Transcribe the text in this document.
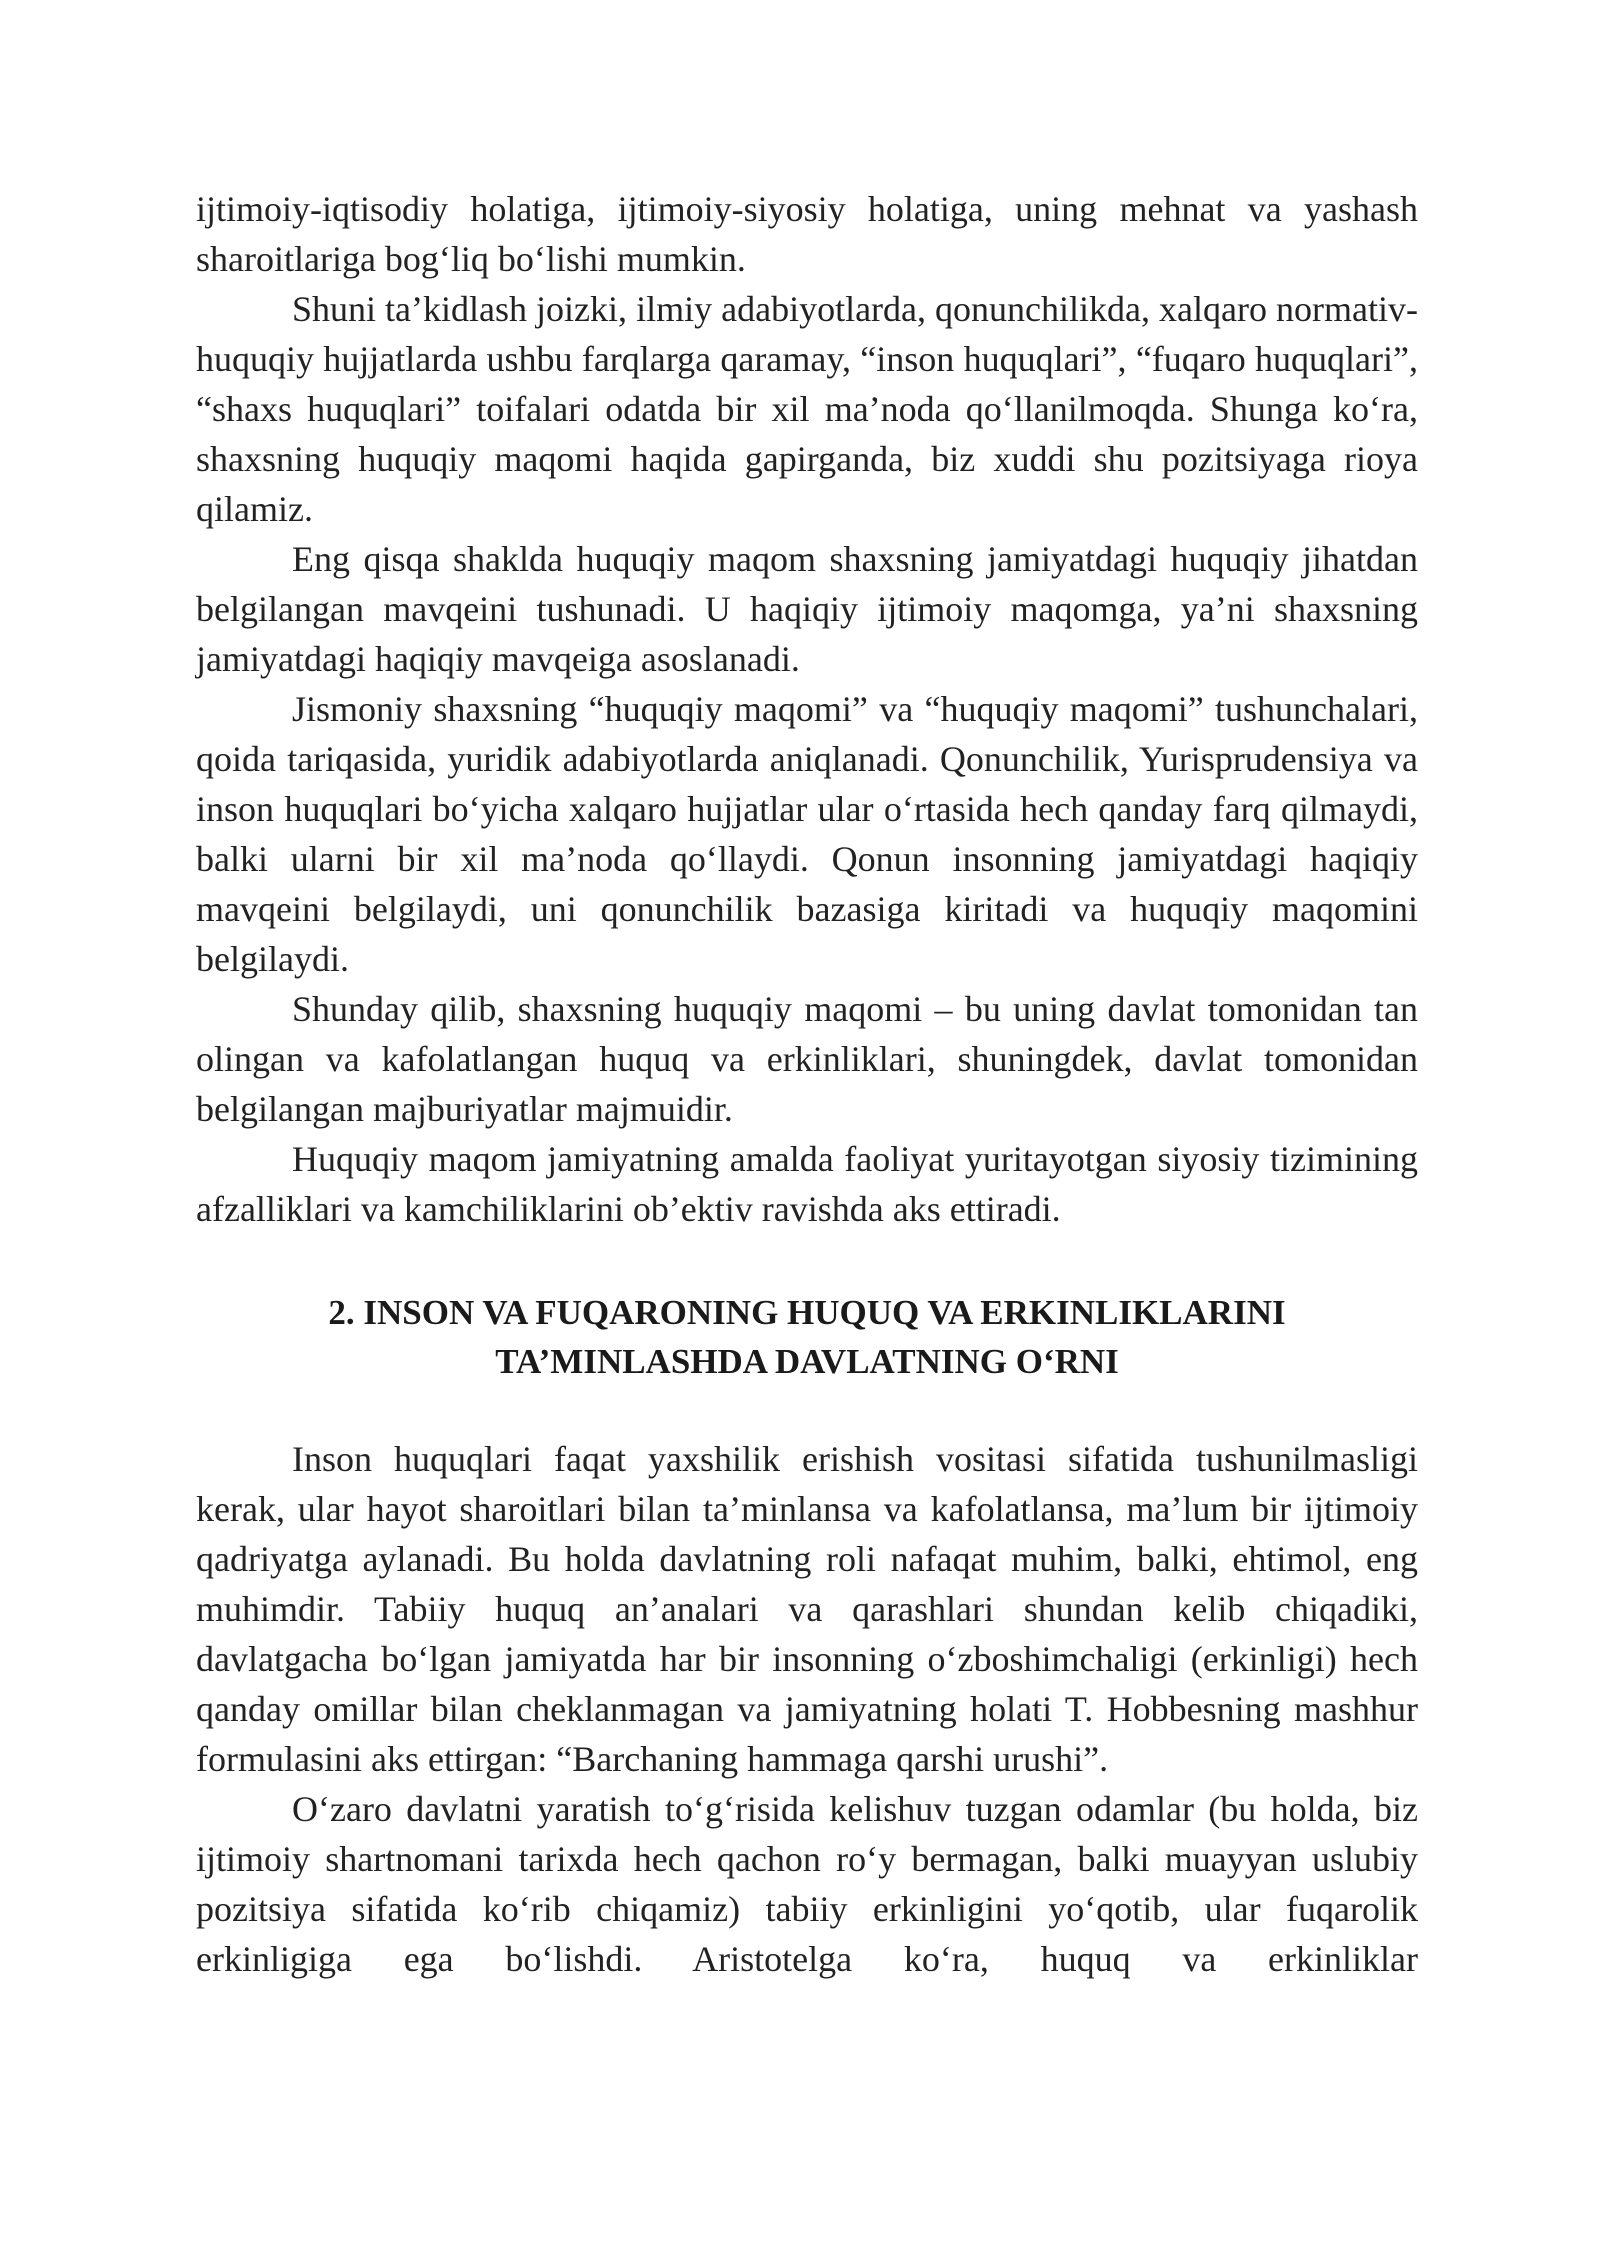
ijtimoiy-iqtisodiy holatiga, ijtimoiy-siyosiy holatiga, uning mehnat va yashash sharoitlariga bog‘liq bo‘lishi mumkin.

Shuni ta’kidlash joizki, ilmiy adabiyotlarda, qonunchilikda, xalqaro normativ-huquqiy hujjatlarda ushbu farqlarga qaramay, “inson huquqlari”, “fuqaro huquqlari”, “shaxs huquqlari” toifalari odatda bir xil ma’noda qo‘llanilmoqda. Shunga ko‘ra, shaxsning huquqiy maqomi haqida gapirganda, biz xuddi shu pozitsiyaga rioya qilamiz.

Eng qisqa shaklda huquqiy maqom shaxsning jamiyatdagi huquqiy jihatdan belgilangan mavqeini tushunadi. U haqiqiy ijtimoiy maqomga, ya’ni shaxsning jamiyatdagi haqiqiy mavqeiga asoslanadi.

Jismoniy shaxsning “huquqiy maqomi” va “huquqiy maqomi” tushunchalari, qoida tariqasida, yuridik adabiyotlarda aniqlanadi. Qonunchilik, Yurisprudensiya va inson huquqlari bo‘yicha xalqaro hujjatlar ular o‘rtasida hech qanday farq qilmaydi, balki ularni bir xil ma’noda qo‘llaydi. Qonun insonning jamiyatdagi haqiqiy mavqeini belgilaydi, uni qonunchilik bazasiga kiritadi va huquqiy maqomini belgilaydi.

Shunday qilib, shaxsning huquqiy maqomi – bu uning davlat tomonidan tan olingan va kafolatlangan huquq va erkinliklari, shuningdek, davlat tomonidan belgilangan majburiyatlar majmuidir.

Huquqiy maqom jamiyatning amalda faoliyat yuritayotgan siyosiy tizimining afzalliklari va kamchiliklarini ob’ektiv ravishda aks ettiradi.

2. INSON VA FUQARONING HUQUQ VA ERKINLIKLARINI
TA’MINLASHDA DAVLATNING O‘RNI

Inson huquqlari faqat yaxshilik erishish vositasi sifatida tushunilmasligi kerak, ular hayot sharoitlari bilan ta’minlansa va kafolatlansa, ma’lum bir ijtimoiy qadriyatga aylanadi. Bu holda davlatning roli nafaqat muhim, balki, ehtimol, eng muhimdir. Tabiiy huquq an’analari va qarashlari shundan kelib chiqadiki, davlatgacha bo‘lgan jamiyatda har bir insonning o‘zboshimchaligi (erkinligi) hech qanday omillar bilan cheklanmagan va jamiyatning holati T. Hobbesning mashhur formulasini aks ettirgan: “Barchaning hammaga qarshi urushi”.

O‘zaro davlatni yaratish to‘g‘risida kelishuv tuzgan odamlar (bu holda, biz ijtimoiy shartnomani tarixda hech qachon ro‘y bermagan, balki muayyan uslubiy pozitsiya sifatida ko‘rib chiqamiz) tabiiy erkinligini yo‘qotib, ular fuqarolik erkinligiga ega bo‘lishdi. Aristotelga ko‘ra, huquq va erkinliklar
